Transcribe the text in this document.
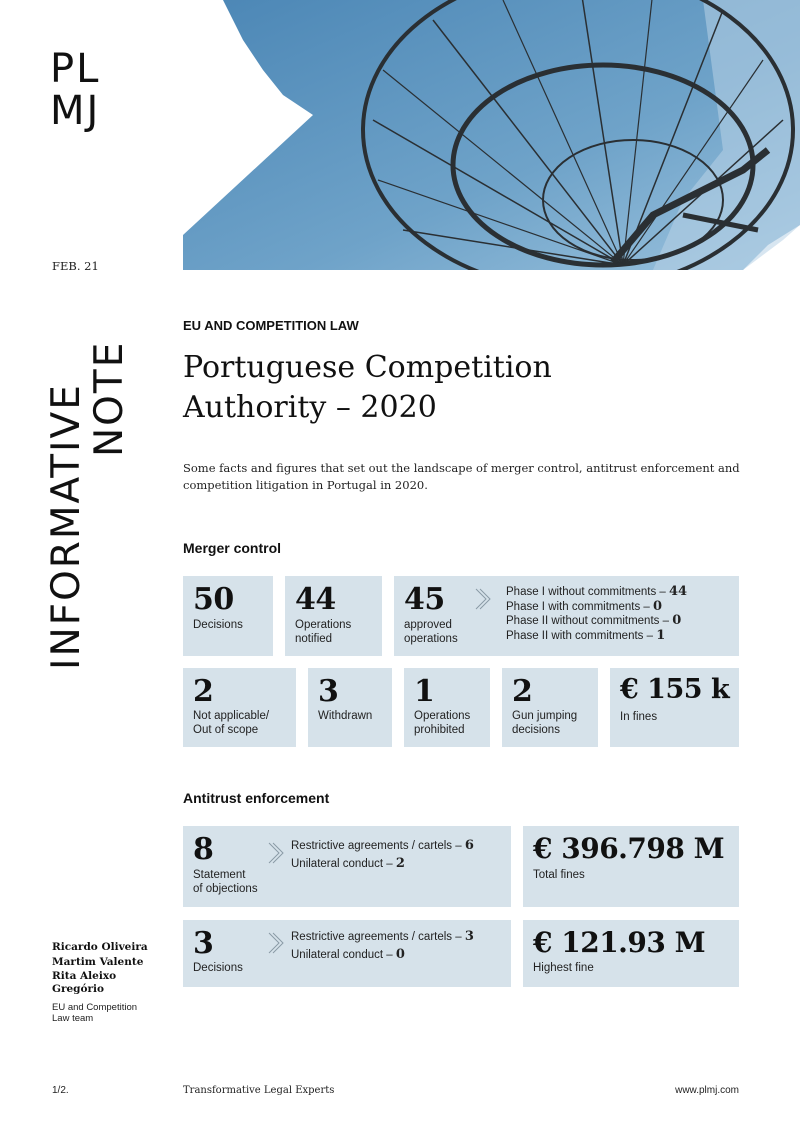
PL
MJ
FEB. 21
INFORMATIVE
NOTE
EU AND COMPETITION LAW
Portuguese Competition
Authority – 2020
Some facts and figures that set out the landscape of merger control, antitrust enforcement and
competition litigation in Portugal in 2020.
Merger control
50
Decisions
44
Operations
notified
45
approved
operations
Phase I without commitments – 44
Phase I with commitments – 0
Phase II without commitments – 0
Phase II with commitments – 1
2
Not applicable/
Out of scope
3
Withdrawn
1
Operations
prohibited
2
Gun jumping
decisions
€ 155 k
In fines
Antitrust enforcement
8
Statement
of objections
Restrictive agreements / cartels – 6
Unilateral conduct – 2	€ 396.798 M
Total fines
3
Decisions
Restrictive agreements / cartels – 3
Unilateral conduct – 0	€ 121.93 M
Highest fine
Ricardo Oliveira
Martim Valente
Rita Aleixo
Gregório
EU and Competition
Law team
1/2.	Transformative Legal Experts	www.plmj.com
